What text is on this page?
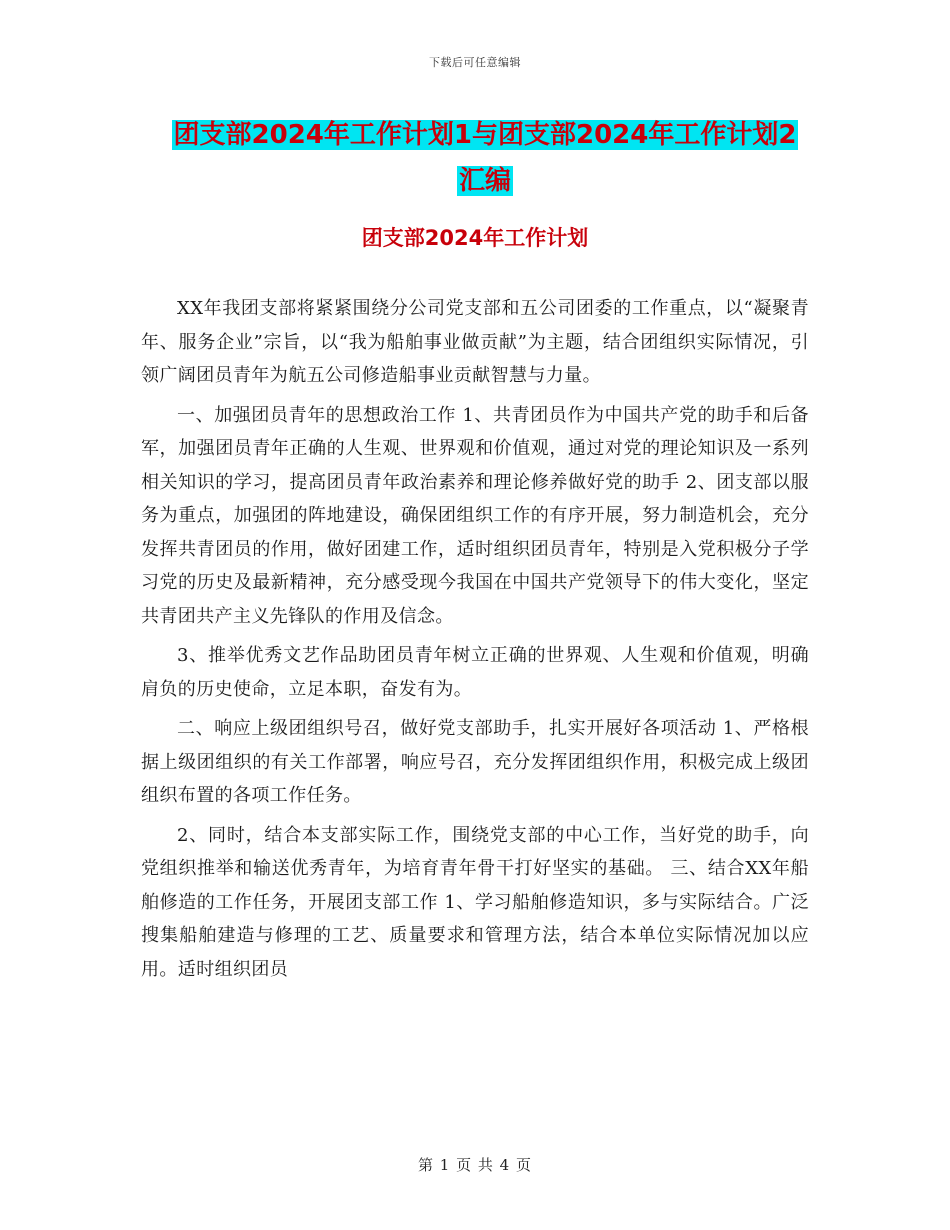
下载后可任意编辑
团支部2024年工作计划1与团支部2024年工作计划2
汇编
团支部2024年工作计划

XX年我团支部将紧紧围绕分公司党支部和五公司团委的工作重点，以“凝聚青年、服务企业”宗旨，以“我为船舶事业做贡献”为主题，结合团组织实际情况，引领广阔团员青年为航五公司修造船事业贡献智慧与力量。

一、加强团员青年的思想政治工作 1、共青团员作为中国共产党的助手和后备军，加强团员青年正确的人生观、世界观和价值观，通过对党的理论知识及一系列相关知识的学习，提高团员青年政治素养和理论修养做好党的助手 2、团支部以服务为重点，加强团的阵地建设，确保团组织工作的有序开展，努力制造机会，充分发挥共青团员的作用，做好团建工作，适时组织团员青年，特别是入党积极分子学习党的历史及最新精神，充分感受现今我国在中国共产党领导下的伟大变化，坚定共青团共产主义先锋队的作用及信念。

3、推举优秀文艺作品助团员青年树立正确的世界观、人生观和价值观，明确肩负的历史使命，立足本职，奋发有为。

二、响应上级团组织号召，做好党支部助手，扎实开展好各项活动 1、严格根据上级团组织的有关工作部署，响应号召，充分发挥团组织作用，积极完成上级团组织布置的各项工作任务。

2、同时，结合本支部实际工作，围绕党支部的中心工作，当好党的助手，向党组织推举和输送优秀青年，为培育青年骨干打好坚实的基础。 三、结合XX年船舶修造的工作任务，开展团支部工作 1、学习船舶修造知识，多与实际结合。广泛搜集船舶建造与修理的工艺、质量要求和管理方法，结合本单位实际情况加以应用。适时组织团员

第 1 页 共 4 页
